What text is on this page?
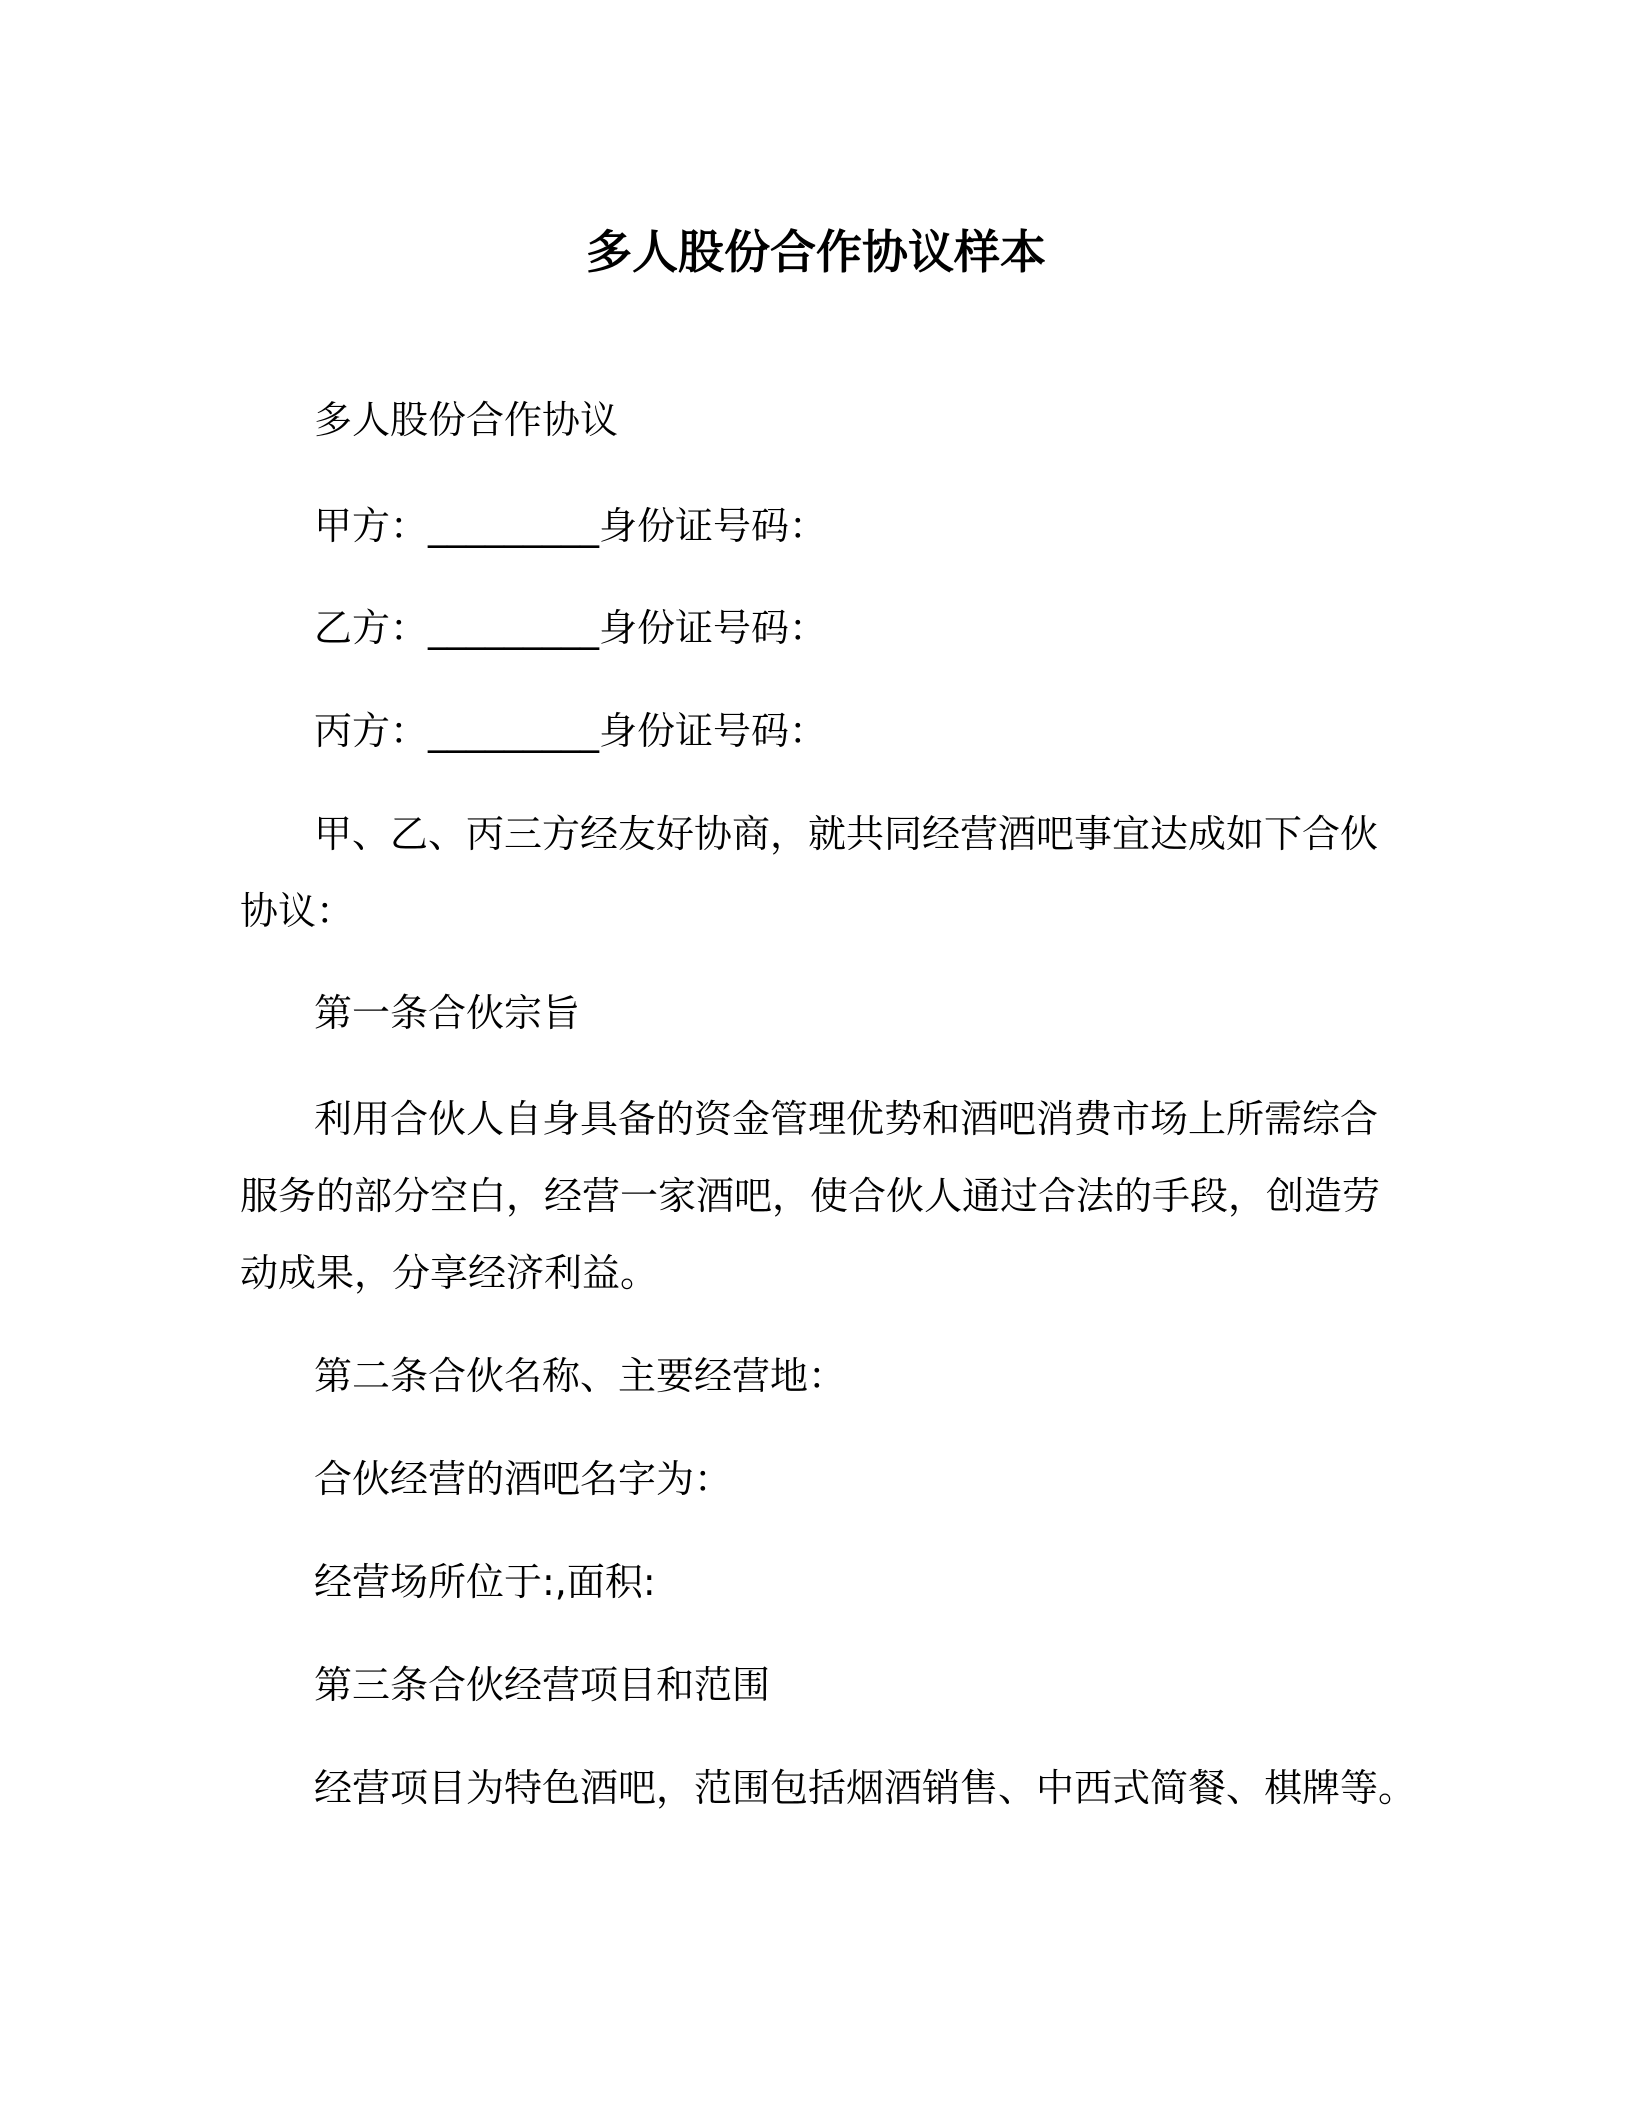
多人股份合作协议样本
多人股份合作协议
甲方：_________身份证号码：
乙方：_________身份证号码：
丙方：_________身份证号码：
甲、乙、丙三方经友好协商，就共同经营酒吧事宜达成如下合伙
协议：
第一条合伙宗旨
利用合伙人自身具备的资金管理优势和酒吧消费市场上所需综合
服务的部分空白，经营一家酒吧，使合伙人通过合法的手段，创造劳
动成果，分享经济利益。
第二条合伙名称、主要经营地：
合伙经营的酒吧名字为：
经营场所位于:,面积:
第三条合伙经营项目和范围
经营项目为特色酒吧，范围包括烟酒销售、中西式简餐、棋牌等。
